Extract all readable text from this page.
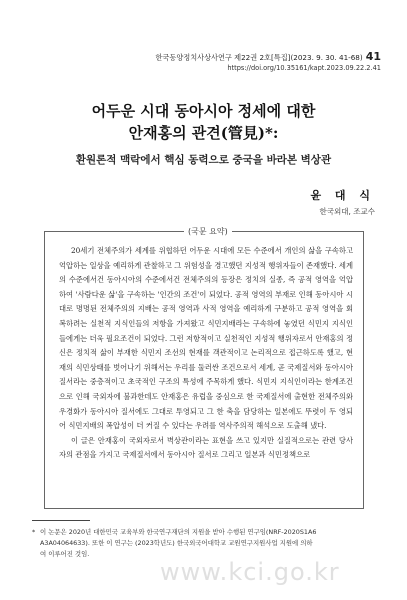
한국동양정치사상사연구 제22권 2호[특집](2023. 9. 30. 41-68) 41
https://doi.org/10.35161/kapt.2023.09.22.2.41
어두운 시대 동아시아 정세에 대한
안재홍의 관견(管見)*:
환원론적 맥락에서 핵심 동력으로 중국을 바라본 벽상관
윤 대 식
한국외대, 조교수
(국문 요약)

20세기 전체주의가 세계를 위협하던 어두운 시대에 모든 수준에서 개인의 삶을 구속하고 억압하는 일상을 예리하게 관찰하고 그 위험성을 경고했던 지성적 행위자들이 존재했다. 세계의 수준에서건 동아시아의 수준에서건 전체주의의 등장은 정치의 실종, 즉 공적 영역을 억압하여 '사람다운 삶'을 구속하는 '인간의 조건'이 되었다. 공적 영역의 부재로 인해 동아시아 시대로 명명된 전체주의의 지배는 공적 영역과 사적 영역을 예리하게 구분하고 공적 영역을 회복하려는 실천적 지식인들의 저항을 가져왔고 식민지배라는 구속하에 놓였던 식민지 지식인들에게는 더욱 필요조건이 되었다. 그런 저항적이고 실천적인 지성적 행위자로서 안재홍의 정신은 정치적 삶이 부재한 식민지 조선의 현재를 객관적이고 논리적으로 접근하도록 했고, 현재의 식민상태를 벗어나기 위해서는 우리를 둘러싼 조건으로서 세계, 곧 국제질서와 동아시아 질서라는 중층적이고 초국적인 구조의 특성에 주목하게 했다. 식민지 지식인이라는 한계조건으로 인해 국외자에 불과한데도 안재홍은 유럽을 중심으로 한 국제질서에 출현한 전체주의와 우경화가 동아시아 질서에도 그대로 투영되고 그 한 축을 담당하는 일본에도 뚜렷이 두 영되어 식민지배의 폭압성이 더 커질 수 있다는 우려를 역사주의적 해석으로 도출해 냈다.

이 글은 안재홍이 국외자로서 벽상관이라는 표현을 쓰고 있지만 실질적으로는 관련 당사자의 관점을 가지고 국제질서에서 동아시아 질서로 그리고 일본과 식민정책으로

* 이 논문은 2020년 대한민국 교육부와 한국연구재단의 지원을 받아 수행된 연구임(NRF-2020S1A6
A3A04064633). 또한 이 연구는 (2023학년도) 한국외국어대학교 교원연구지원사업 지원에 의하
여 이루어진 것임.
www.kci.go.kr
